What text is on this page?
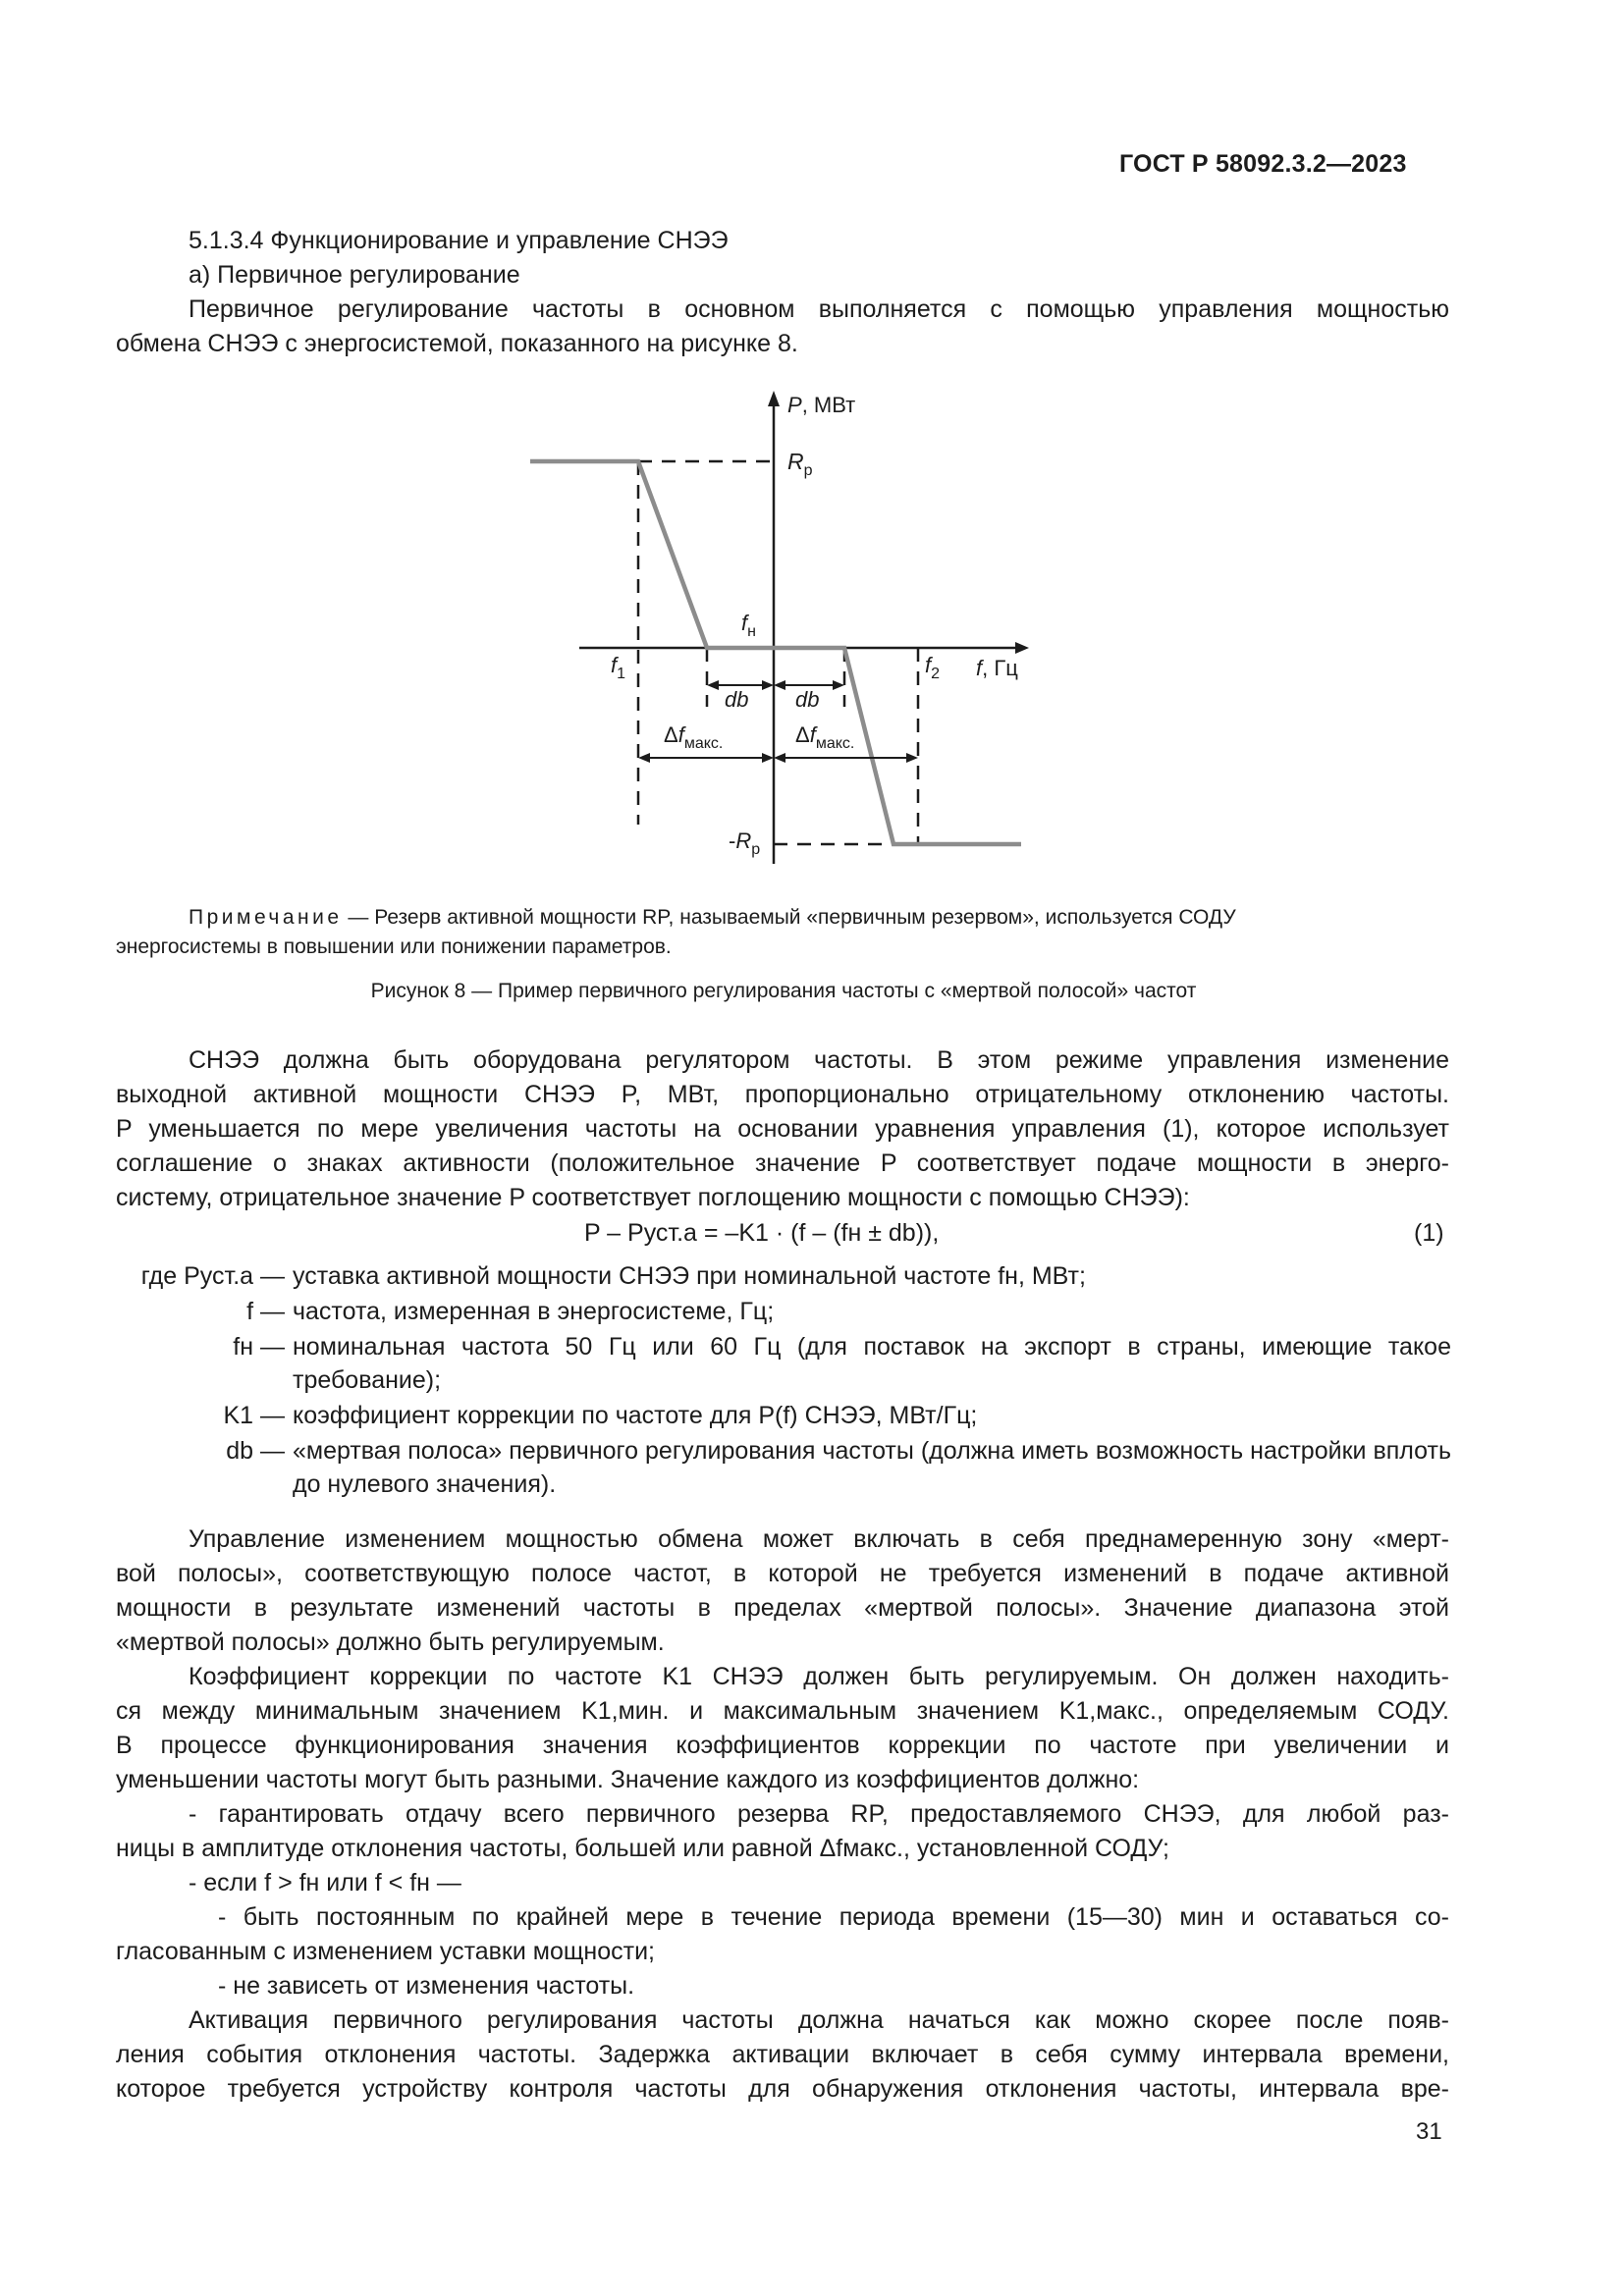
ГОСТ Р 58092.3.2—2023
5.1.3.4 Функционирование и управление СНЭЭ
а) Первичное регулирование
Первичное регулирование частоты в основном выполняется с помощью управления мощностью
обмена СНЭЭ с энергосистемой, показанного на рисунке 8.
P, МВт
$R_р$
$f_н$
$f_1$	$f_2$ f, Гц
db db
$\Delta f_{макс.}$	$\Delta f_{макс.}$
$-R_р$
Примечание — Резерв активной мощности RP, называемый «первичным резервом», используется СОДУ
энергосистемы в повышении или понижении параметров.
Рисунок 8 — Пример первичного регулирования частоты с «мертвой полосой» частот
СНЭЭ должна быть оборудована регулятором частоты. В этом режиме управления изменение
выходной активной мощности СНЭЭ P, МВт, пропорционально отрицательному отклонению частоты.
P уменьшается по мере увеличения частоты на основании уравнения управления (1), которое использует
соглашение о знаках активности (положительное значение P соответствует подаче мощности в энерго-
систему, отрицательное значение P соответствует поглощению мощности с помощью СНЭЭ):
P – Pуст.а = –K1 · (f – (fн ± db)),	(1)
где Pуст.а — уставка активной мощности СНЭЭ при номинальной частоте fн, МВт;
f — частота, измеренная в энергосистеме, Гц;
fн — номинальная частота 50 Гц или 60 Гц (для поставок на экспорт в страны, имеющие такое требование);
K1 — коэффициент коррекции по частоте для P(f) СНЭЭ, МВт/Гц;
db — «мертвая полоса» первичного регулирования частоты (должна иметь возможность настройки вплоть до нулевого значения).
Управление изменением мощностью обмена может включать в себя преднамеренную зону «мерт-
вой полосы», соответствующую полосе частот, в которой не требуется изменений в подаче активной
мощности в результате изменений частоты в пределах «мертвой полосы». Значение диапазона этой
«мертвой полосы» должно быть регулируемым.
Коэффициент коррекции по частоте K1 СНЭЭ должен быть регулируемым. Он должен находить-
ся между минимальным значением K1,мин. и максимальным значением K1,макс., определяемым СОДУ.
В процессе функционирования значения коэффициентов коррекции по частоте при увеличении и
уменьшении частоты могут быть разными. Значение каждого из коэффициентов должно:
- гарантировать отдачу всего первичного резерва RP, предоставляемого СНЭЭ, для любой раз-
ницы в амплитуде отклонения частоты, большей или равной Δfмакс., установленной СОДУ;
- если f > fн или f < fн —
- быть постоянным по крайней мере в течение периода времени (15—30) мин и оставаться со-
гласованным с изменением уставки мощности;
- не зависеть от изменения частоты.
Активация первичного регулирования частоты должна начаться как можно скорее после появ-
ления события отклонения частоты. Задержка активации включает в себя сумму интервала времени,
которое требуется устройству контроля частоты для обнаружения отклонения частоты, интервала вре-
31
